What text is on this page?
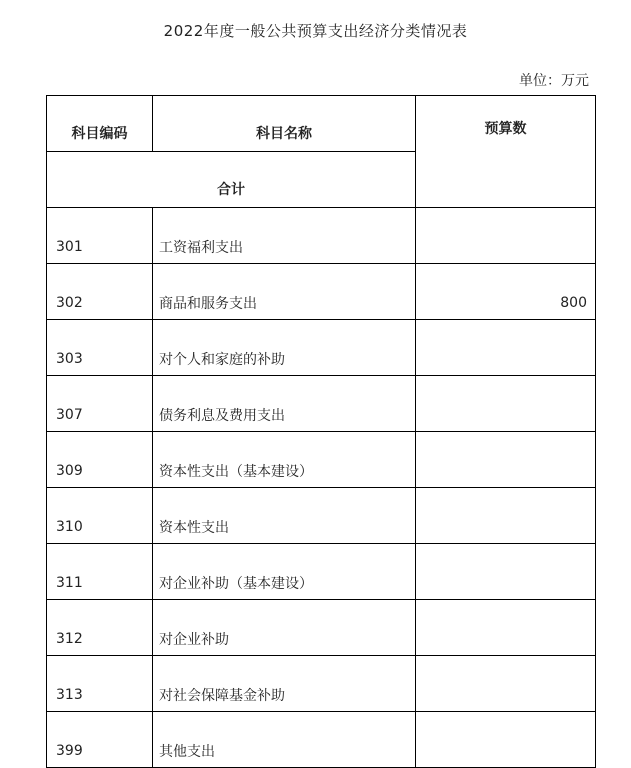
2022年度一般公共预算支出经济分类情况表
单位：万元
科目编码	科目名称	预算数
合计		
301	工资福利支出	
302	商品和服务支出	800
303	对个人和家庭的补助	
307	债务利息及费用支出	
309	资本性支出（基本建设）	
310	资本性支出	
311	对企业补助（基本建设）	
312	对企业补助	
313	对社会保障基金补助	
399	其他支出	
